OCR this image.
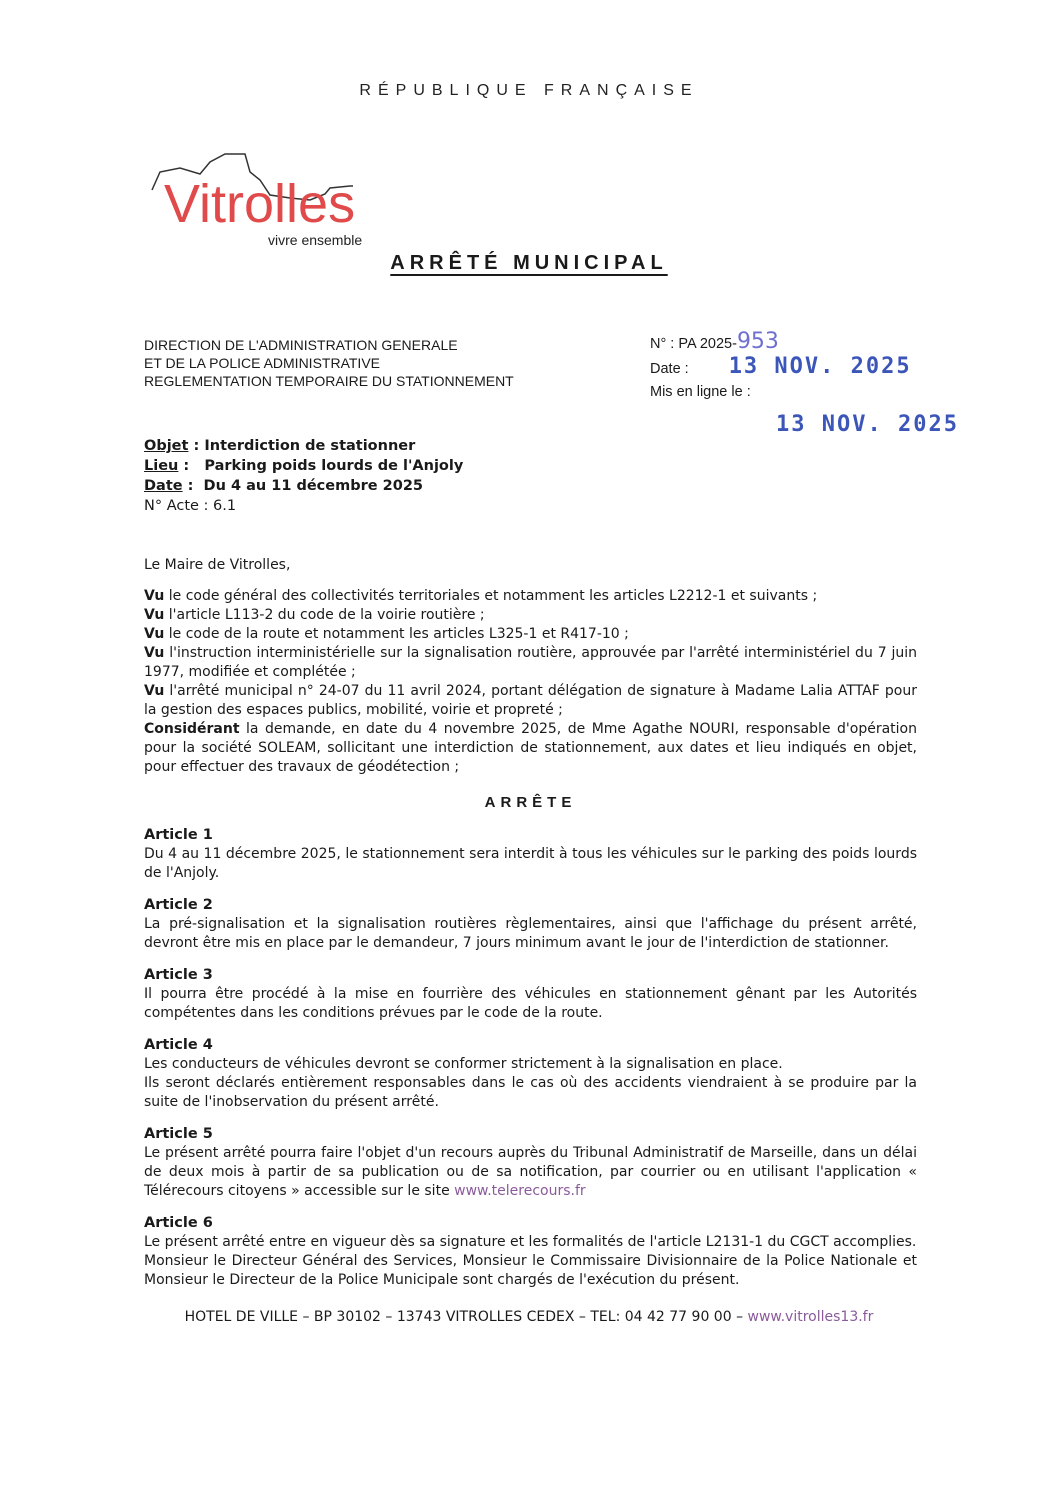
RÉPUBLIQUE FRANÇAISE
Vitrolles
vivre ensemble
ARRÊTÉ MUNICIPAL
DIRECTION DE L'ADMINISTRATION GENERALE
ET DE LA POLICE ADMINISTRATIVE
REGLEMENTATION TEMPORAIRE DU STATIONNEMENT
N° : PA 2025-953
Date : 13 NOV. 2025
Mis en ligne le :
13 NOV. 2025
Objet : Interdiction de stationner
Lieu :   Parking poids lourds de l'Anjoly
Date :  Du 4 au 11 décembre 2025
N° Acte : 6.1
Le Maire de Vitrolles,
Vu le code général des collectivités territoriales et notamment les articles L2212-1 et suivants ;
Vu l'article L113-2 du code de la voirie routière ;
Vu le code de la route et notamment les articles L325-1 et R417-10 ;
Vu l'instruction interministérielle sur la signalisation routière, approuvée par l'arrêté interministériel du 7 juin 1977, modifiée et complétée ;
Vu l'arrêté municipal n° 24-07 du 11 avril 2024, portant délégation de signature à Madame Lalia ATTAF pour la gestion des espaces publics, mobilité, voirie et propreté ;
Considérant la demande, en date du 4 novembre 2025, de Mme Agathe NOURI, responsable d'opération pour la société SOLEAM, sollicitant une interdiction de stationnement, aux dates et lieu indiqués en objet, pour effectuer des travaux de géodétection ;
ARRÊTE
Article 1
Du 4 au 11 décembre 2025, le stationnement sera interdit à tous les véhicules sur le parking des poids lourds de l'Anjoly.
Article 2
La pré-signalisation et la signalisation routières règlementaires, ainsi que l'affichage du présent arrêté, devront être mis en place par le demandeur, 7 jours minimum avant le jour de l'interdiction de stationner.
Article 3
Il pourra être procédé à la mise en fourrière des véhicules en stationnement gênant par les Autorités compétentes dans les conditions prévues par le code de la route.
Article 4
Les conducteurs de véhicules devront se conformer strictement à la signalisation en place.
Ils seront déclarés entièrement responsables dans le cas où des accidents viendraient à se produire par la suite de l'inobservation du présent arrêté.
Article 5
Le présent arrêté pourra faire l'objet d'un recours auprès du Tribunal Administratif de Marseille, dans un délai de deux mois à partir de sa publication ou de sa notification, par courrier ou en utilisant l'application « Télérecours citoyens » accessible sur le site www.telerecours.fr
Article 6
Le présent arrêté entre en vigueur dès sa signature et les formalités de l'article L2131-1 du CGCT accomplies.
Monsieur le Directeur Général des Services, Monsieur le Commissaire Divisionnaire de la Police Nationale et Monsieur le Directeur de la Police Municipale sont chargés de l'exécution du présent.
HOTEL DE VILLE – BP 30102 – 13743 VITROLLES CEDEX – TEL: 04 42 77 90 00 – www.vitrolles13.fr
